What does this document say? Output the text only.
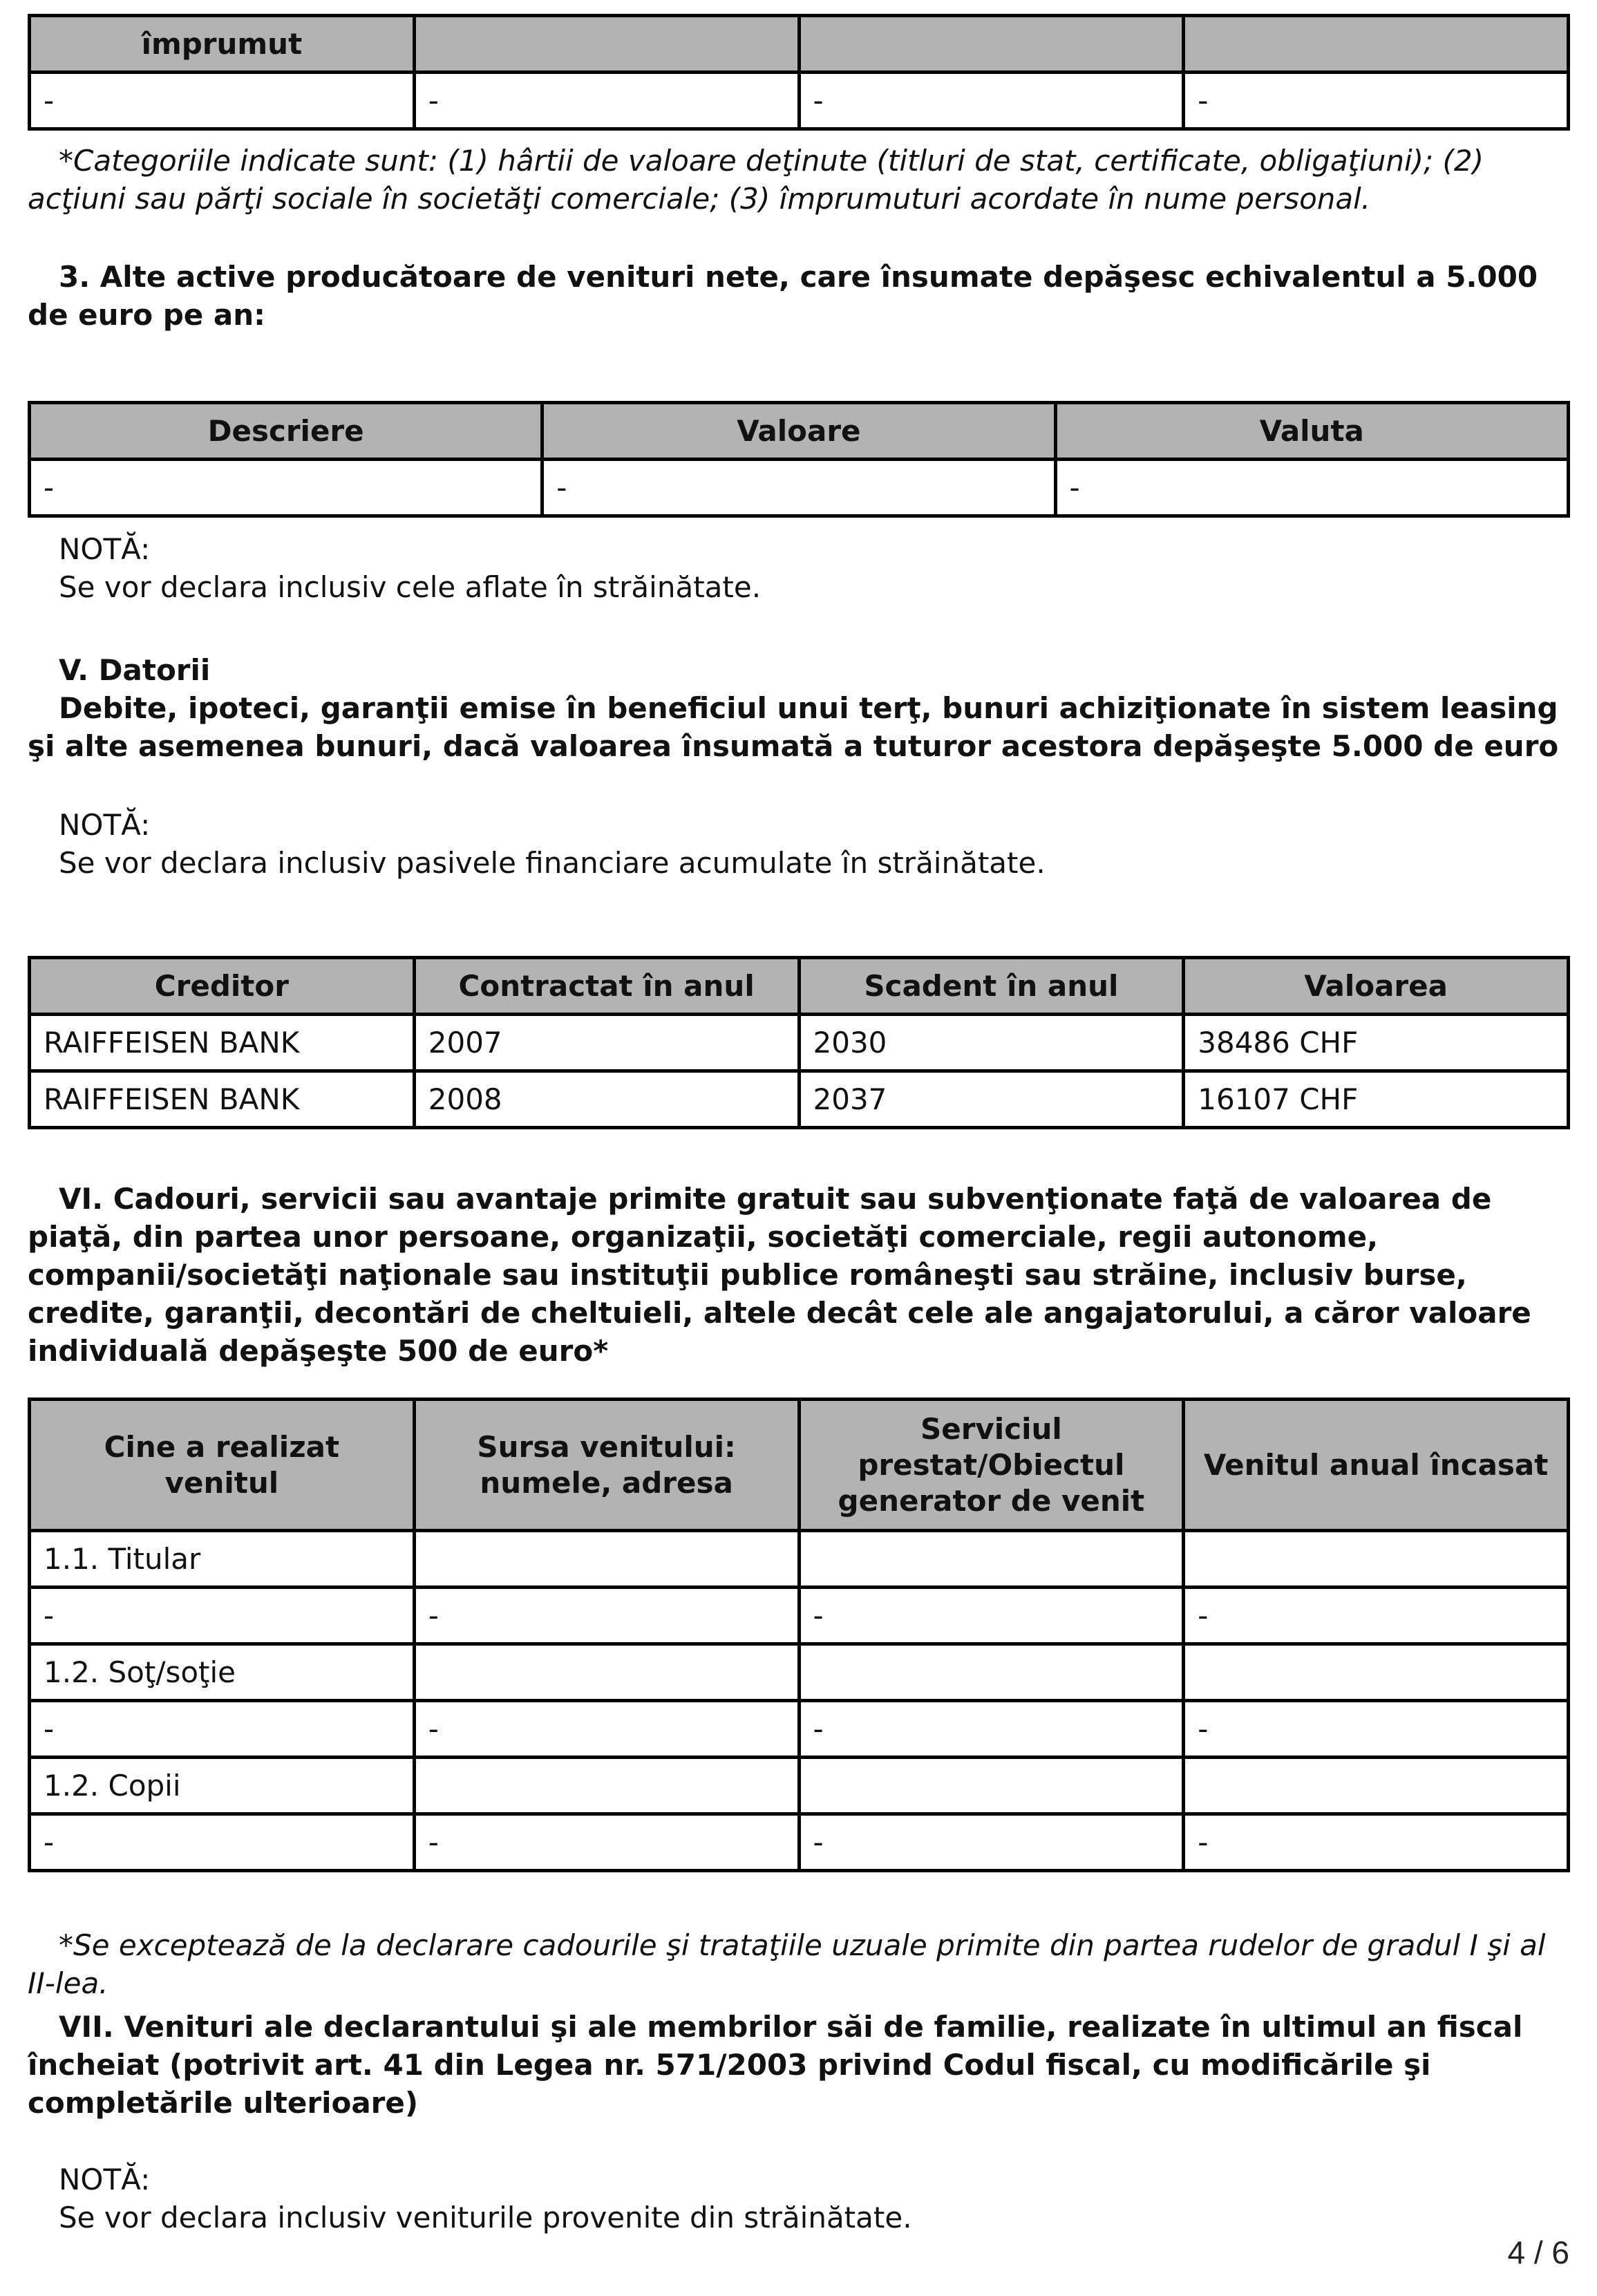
împrumut			
-	-	-	-

*Categoriile indicate sunt: (1) hârtii de valoare deţinute (titluri de stat, certificate, obligaţiuni); (2) acţiuni sau părţi sociale în societăţi comerciale; (3) împrumuturi acordate în nume personal.

3. Alte active producătoare de venituri nete, care însumate depăşesc echivalentul a 5.000 de euro pe an:

Descriere	Valoare	Valuta
-	-	-

NOTĂ:

Se vor declara inclusiv cele aflate în străinătate.

V. Datorii

Debite, ipoteci, garanţii emise în beneficiul unui terţ, bunuri achiziţionate în sistem leasing şi alte asemenea bunuri, dacă valoarea însumată a tuturor acestora depăşeşte 5.000 de euro

NOTĂ:

Se vor declara inclusiv pasivele financiare acumulate în străinătate.

Creditor	Contractat în anul	Scadent în anul	Valoarea
RAIFFEISEN BANK	2007	2030	38486 CHF
RAIFFEISEN BANK	2008	2037	16107 CHF

VI. Cadouri, servicii sau avantaje primite gratuit sau subvenţionate faţă de valoarea de piaţă, din partea unor persoane, organizaţii, societăţi comerciale, regii autonome, companii/societăţi naţionale sau instituţii publice româneşti sau străine, inclusiv burse, credite, garanţii, decontări de cheltuieli, altele decât cele ale angajatorului, a căror valoare individuală depăşeşte 500 de euro*

Cine a realizat venitul	Sursa venitului: numele, adresa	Serviciul prestat/Obiectul generator de venit	Venitul anual încasat
1.1. Titular			
-	-	-	-
1.2. Soţ/soţie			
-	-	-	-
1.2. Copii			
-	-	-	-

*Se exceptează de la declarare cadourile şi trataţiile uzuale primite din partea rudelor de gradul I şi al II-lea.

VII. Venituri ale declarantului şi ale membrilor săi de familie, realizate în ultimul an fiscal încheiat (potrivit art. 41 din Legea nr. 571/2003 privind Codul fiscal, cu modificările şi completările ulterioare)

NOTĂ:

Se vor declara inclusiv veniturile provenite din străinătate.

4 / 6
